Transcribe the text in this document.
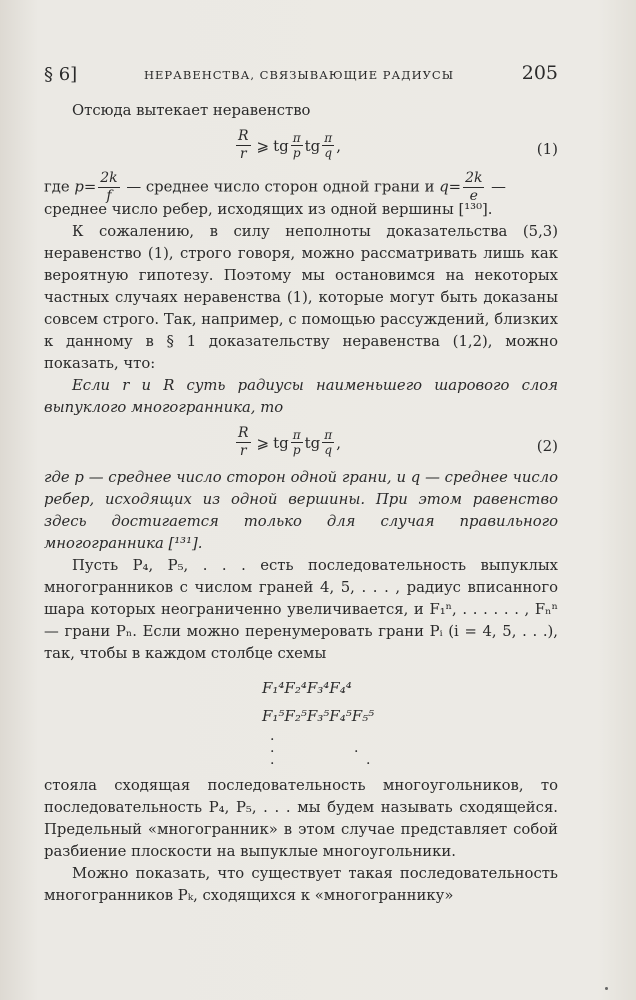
§ 6]	НЕРАВЕНСТВА, СВЯЗЫВАЮЩИЕ РАДИУСЫ	205

Отсюда вытекает неравенство

$\frac{R}{r}$ ⩾ tg $\frac{\pi}{p}$ tg $\frac{\pi}{q}$ ,	(1)

где $p= \frac{2k}{f}$ — среднее число сторон одной грани и $q= \frac{2k}{e}$ —

среднее число ребер, исходящих из одной вершины [¹³⁰].

К сожалению, в силу неполноты доказательства (5,3) неравенство (1), строго говоря, можно рассматривать лишь как вероятную гипотезу. Поэтому мы остановимся на некоторых частных случаях неравенства (1), которые могут быть доказаны совсем строго. Так, например, с помощью рассуждений, близких к данному в § 1 доказательству неравенства (1,2), можно показать, что:

Если r и R суть радиусы наименьшего шарового слоя выпуклого многогранника, то

$\frac{R}{r}$ ⩾ tg $\frac{\pi}{p}$ tg $\frac{\pi}{q}$ ,	(2)

где p — среднее число сторон одной грани, и q — среднее число ребер, исходящих из одной вершины. При этом равенство здесь достигается только для случая правильного многогранника [¹³¹].

Пусть P₄, P₅, . . . есть последовательность выпуклых многогранников с числом граней 4, 5, . . . , радиус вписанного шара которых неограниченно увеличивается, и F₁ⁿ, . . . . . . , Fₙⁿ — грани Pₙ. Если можно перенумеровать грани Pᵢ (i = 4, 5, . . .), так, чтобы в каждом столбце схемы

F₁⁴F₂⁴F₃⁴F₄⁴
F₁⁵F₂⁵F₃⁵F₄⁵F₅⁵
.
.
.
.
.

стояла сходящая последовательность многоугольников, то последовательность P₄, P₅, . . . мы будем называть сходящейся. Предельный «многогранник» в этом случае представляет собой разбиение плоскости на выпуклые многоугольники.

Можно показать, что существует такая последовательность многогранников Pₖ, сходящихся к «многограннику»
